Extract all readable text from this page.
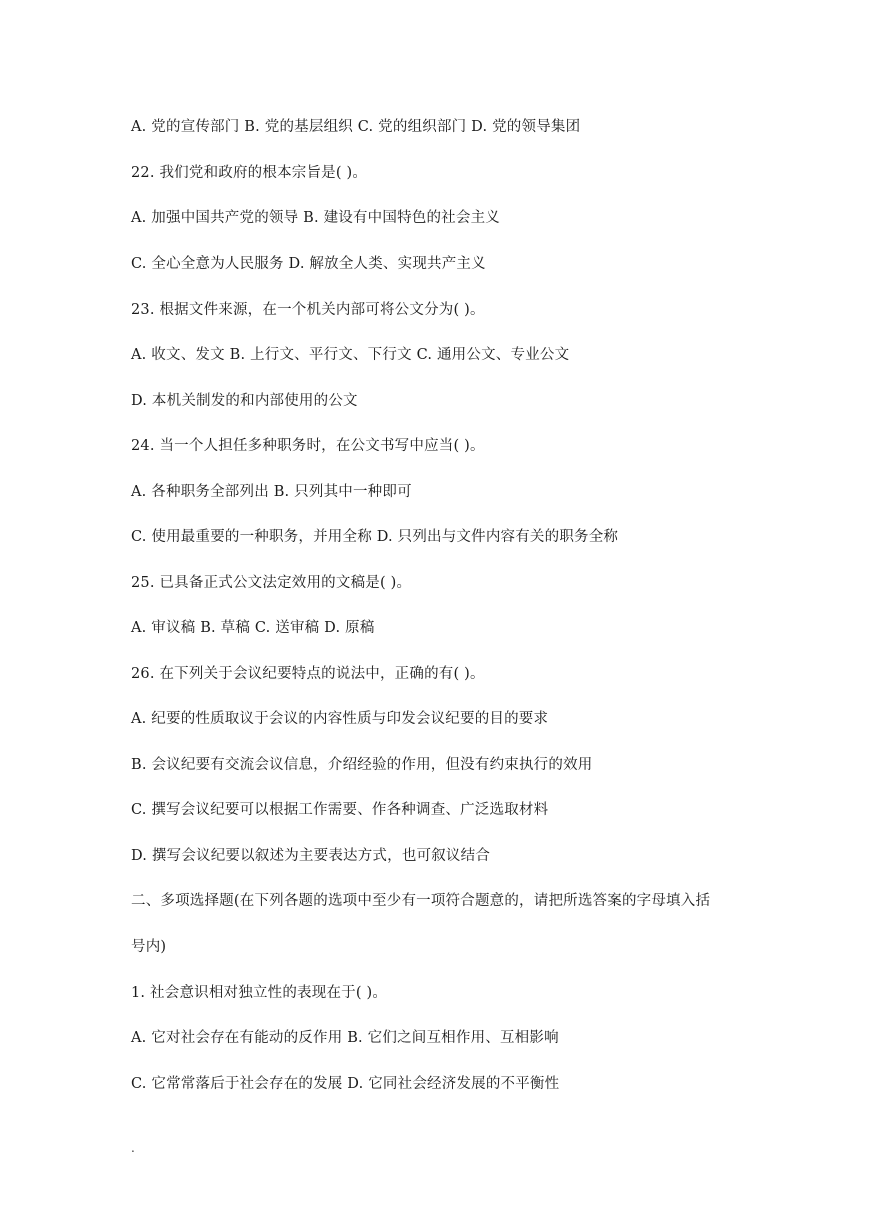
A. 党的宣传部门 B. 党的基层组织 C. 党的组织部门 D. 党的领导集团
22. 我们党和政府的根本宗旨是( )。
A. 加强中国共产党的领导 B. 建设有中国特色的社会主义
C. 全心全意为人民服务 D. 解放全人类、实现共产主义
23. 根据文件来源，在一个机关内部可将公文分为( )。
A. 收文、发文 B. 上行文、平行文、下行文 C. 通用公文、专业公文
D. 本机关制发的和内部使用的公文
24. 当一个人担任多种职务时，在公文书写中应当( )。
A. 各种职务全部列出 B. 只列其中一种即可
C. 使用最重要的一种职务，并用全称 D. 只列出与文件内容有关的职务全称
25. 已具备正式公文法定效用的文稿是( )。
A. 审议稿 B. 草稿 C. 送审稿 D. 原稿
26. 在下列关于会议纪要特点的说法中，正确的有( )。
A. 纪要的性质取议于会议的内容性质与印发会议纪要的目的要求
B. 会议纪要有交流会议信息，介绍经验的作用，但没有约束执行的效用
C. 撰写会议纪要可以根据工作需要、作各种调查、广泛选取材料
D. 撰写会议纪要以叙述为主要表达方式，也可叙议结合
二、多项选择题(在下列各题的选项中至少有一项符合题意的，请把所选答案的字母填入括
号内)
1. 社会意识相对独立性的表现在于( )。
A. 它对社会存在有能动的反作用 B. 它们之间互相作用、互相影响
C. 它常常落后于社会存在的发展 D. 它同社会经济发展的不平衡性
.
